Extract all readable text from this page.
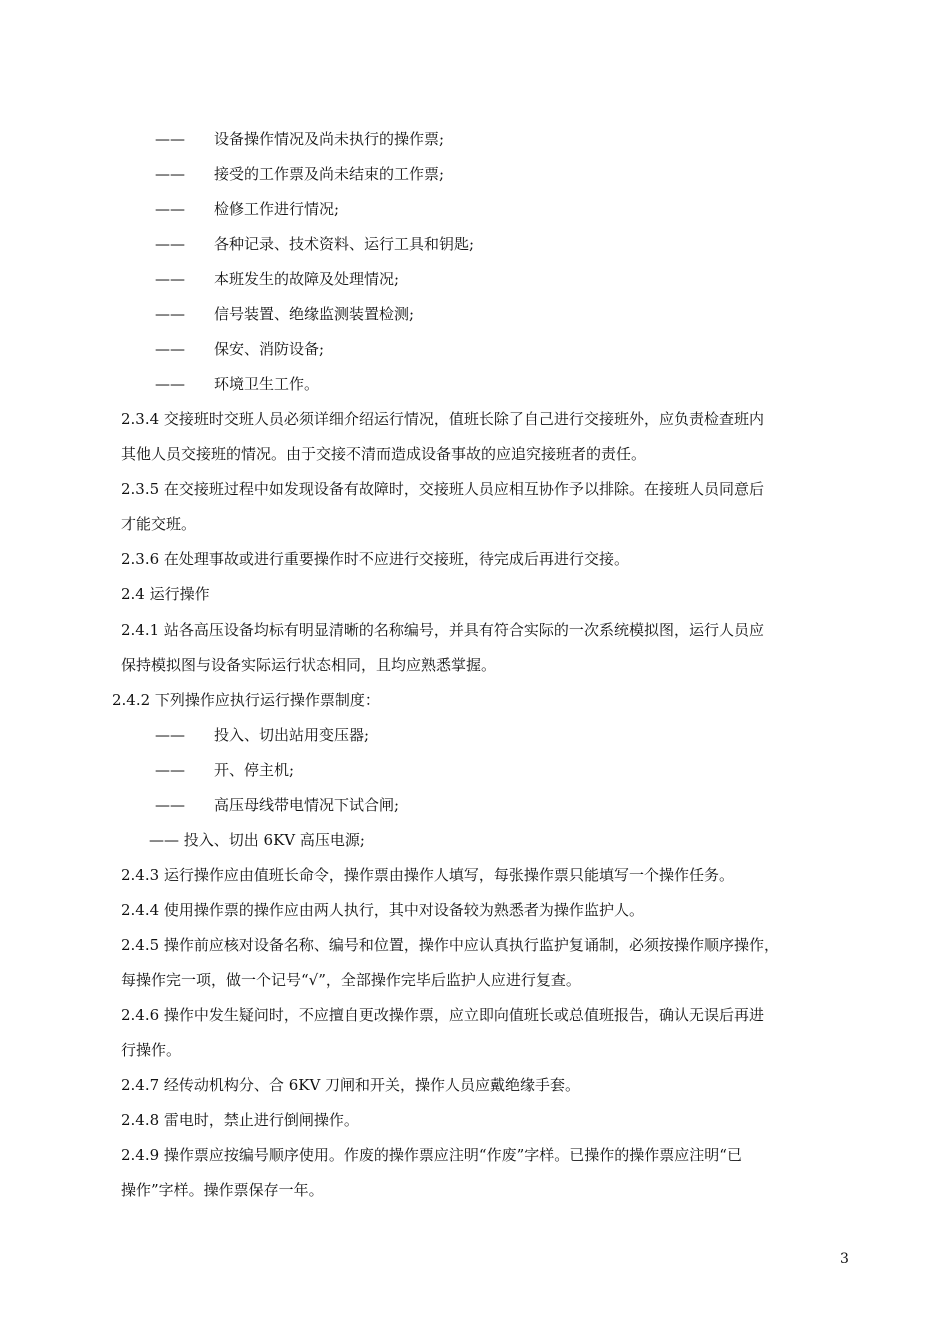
—— 设备操作情况及尚未执行的操作票;
—— 接受的工作票及尚未结束的工作票;
—— 检修工作进行情况;
—— 各种记录、技术资料、运行工具和钥匙;
—— 本班发生的故障及处理情况;
—— 信号装置、绝缘监测装置检测;
—— 保安、消防设备;
—— 环境卫生工作。
2.3.4 交接班时交班人员必须详细介绍运行情况，值班长除了自己进行交接班外，应负责检查班内
其他人员交接班的情况。由于交接不清而造成设备事故的应追究接班者的责任。
2.3.5 在交接班过程中如发现设备有故障时，交接班人员应相互协作予以排除。在接班人员同意后
才能交班。
2.3.6 在处理事故或进行重要操作时不应进行交接班，待完成后再进行交接。
2.4 运行操作
2.4.1 站各高压设备均标有明显清晰的名称编号，并具有符合实际的一次系统模拟图，运行人员应
保持模拟图与设备实际运行状态相同，且均应熟悉掌握。
2.4.2 下列操作应执行运行操作票制度：
—— 投入、切出站用变压器;
—— 开、停主机;
—— 高压母线带电情况下试合闸;
—— 投入、切出 6KV 高压电源;
2.4.3 运行操作应由值班长命令，操作票由操作人填写，每张操作票只能填写一个操作任务。
2.4.4 使用操作票的操作应由两人执行，其中对设备较为熟悉者为操作监护人。
2.4.5 操作前应核对设备名称、编号和位置，操作中应认真执行监护复诵制，必须按操作顺序操作，
每操作完一项，做一个记号“√”，全部操作完毕后监护人应进行复查。
2.4.6 操作中发生疑问时，不应擅自更改操作票，应立即向值班长或总值班报告，确认无误后再进
行操作。
2.4.7 经传动机构分、合 6KV 刀闸和开关，操作人员应戴绝缘手套。
2.4.8 雷电时，禁止进行倒闸操作。
2.4.9 操作票应按编号顺序使用。作废的操作票应注明“作废”字样。已操作的操作票应注明“已
操作”字样。操作票保存一年。
3
